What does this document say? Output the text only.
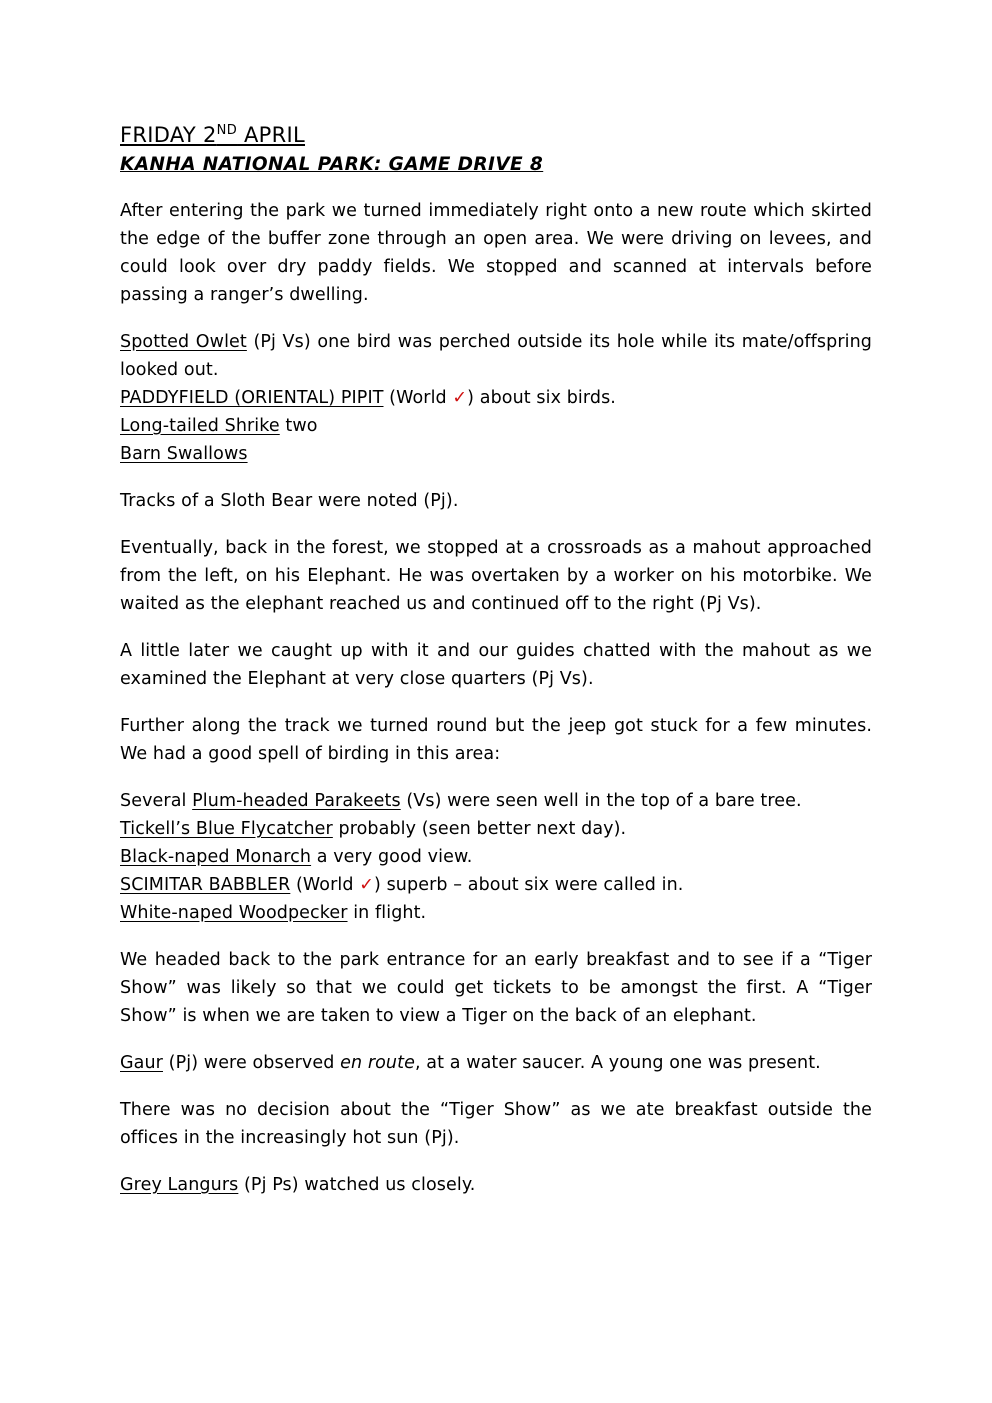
FRIDAY 2ND APRIL
KANHA NATIONAL PARK: GAME DRIVE 8
After entering the park we turned immediately right onto a new route which skirted the edge of the buffer zone through an open area. We were driving on levees, and could look over dry paddy fields. We stopped and scanned at intervals before passing a ranger’s dwelling.
Spotted Owlet (Pj Vs) one bird was perched outside its hole while its mate/offspring looked out.
PADDYFIELD (ORIENTAL) PIPIT (World ✓) about six birds.
Long-tailed Shrike two
Barn Swallows
Tracks of a Sloth Bear were noted (Pj).
Eventually, back in the forest, we stopped at a crossroads as a mahout approached from the left, on his Elephant. He was overtaken by a worker on his motorbike. We waited as the elephant reached us and continued off to the right (Pj Vs).
A little later we caught up with it and our guides chatted with the mahout as we examined the Elephant at very close quarters (Pj Vs).
Further along the track we turned round but the jeep got stuck for a few minutes. We had a good spell of birding in this area:
Several Plum-headed Parakeets (Vs) were seen well in the top of a bare tree.
Tickell’s Blue Flycatcher probably (seen better next day).
Black-naped Monarch a very good view.
SCIMITAR BABBLER (World ✓) superb – about six were called in.
White-naped Woodpecker in flight.
We headed back to the park entrance for an early breakfast and to see if a “Tiger Show” was likely so that we could get tickets to be amongst the first. A “Tiger Show” is when we are taken to view a Tiger on the back of an elephant.
Gaur (Pj) were observed en route, at a water saucer. A young one was present.
There was no decision about the “Tiger Show” as we ate breakfast outside the offices in the increasingly hot sun (Pj).
Grey Langurs (Pj Ps) watched us closely.
